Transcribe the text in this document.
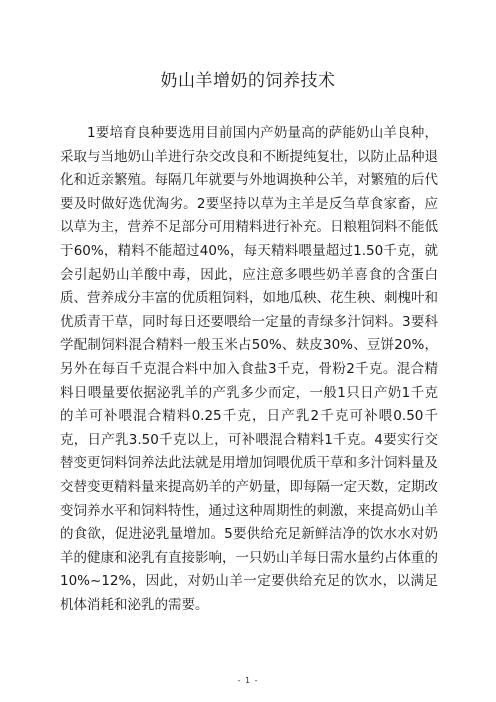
奶山羊增奶的饲养技术

1要培育良种要选用目前国内产奶量高的萨能奶山羊良种，采取与当地奶山羊进行杂交改良和不断提纯复壮，以防止品种退化和近亲繁殖。每隔几年就要与外地调换种公羊，对繁殖的后代要及时做好选优淘劣。2要坚持以草为主羊是反刍草食家畜，应以草为主，营养不足部分可用精料进行补充。日粮粗饲料不能低于60%，精料不能超过40%，每天精料喂量超过1.50千克，就会引起奶山羊酸中毒，因此，应注意多喂些奶羊喜食的含蛋白质、营养成分丰富的优质粗饲料，如地瓜秧、花生秧、刺槐叶和优质青干草，同时每日还要喂给一定量的青绿多汁饲料。3要科学配制饲料混合精料一般玉米占50%、麸皮30%、豆饼20%，另外在每百千克混合料中加入食盐3千克，骨粉2千克。混合精料日喂量要依据泌乳羊的产乳多少而定，一般1只日产奶1千克的羊可补喂混合精料0.25千克，日产乳2千克可补喂0.50千克，日产乳3.50千克以上，可补喂混合精料1千克。4要实行交替变更饲料饲养法此法就是用增加饲喂优质干草和多汁饲料量及交替变更精料量来提高奶羊的产奶量，即每隔一定天数，定期改变饲养水平和饲料特性，通过这种周期性的刺激，来提高奶山羊的食欲，促进泌乳量增加。5要供给充足新鲜洁净的饮水水对奶羊的健康和泌乳有直接影响，一只奶山羊每日需水量约占体重的10%~12%，因此，对奶山羊一定要供给充足的饮水，以满足机体消耗和泌乳的需要。

- 1 -
